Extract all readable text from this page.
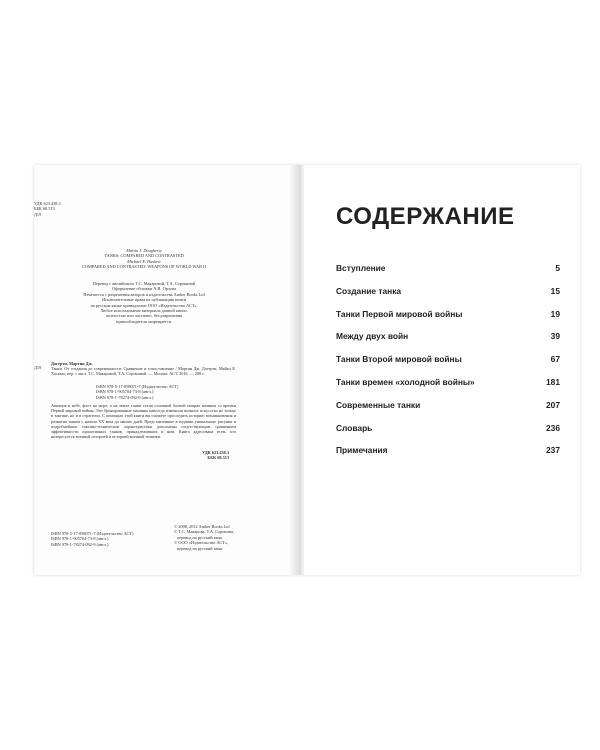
УДК 623.438.3
ББК 68.513
Д19
Martin J. Dougherty
TANKS: COMPARED AND CONTRASTED
Michael E. Haskew
COMPARED AND CONTRASTED: WEAPONS OF WORLD WAR II
Перевод с английского Т.С. Макаровой, Т.А. Сорокиной
Оформление обложки А.И. Орлова
Печатается с разрешения авторов и издательства Amber Books Ltd
Исключительные права на публикацию книги
на русском языке принадлежат ООО «Издательство АСТ».
Любое использование материала данной книги,
полностью или частично, без разрешения
правообладателя запрещается.
Догерти, Мартин Дж.
Д19 Танки. От создания до современности: Сравнение и сопоставление / Мартин Дж. Догерти, Майкл Е. Хаскью; пер. с англ. Т.С. Макаровой, Т.А. Сорокиной. — Москва: АСТ, 2016. — 288 с.
ISBN 978-5-17-098071-7 (Издательство АСТ)
ISBN 978-1-905704-73-8 (англ.)
ISBN 978-1-78274-092-9 (англ.)
Авиация в небе, флот на море, а на земле танки стали основной боевой мощью начиная со времен Первой мировой войны. Эти бронированные машины навсегда изменили военное искусство не только в тактике, но и в стратегии. С помощью этой книги вы сможете проследить историю возникновения и развития танков с начала XX века до наших дней. Представленные в издании уникальные рисунки и подробнейшие тактико-технические характеристики дополнены сопутствующим сравнением эффективности одинотипных танков, принадлежавших к ним. Книга адресована всем, кто интересуется военной историей и историей военной техники.
УДК 623.438.3
ББК 68.513
ISBN 978-5-17-098071-7 (Издательство АСТ)
ISBN 978-1-905704-73-8 (англ.)
ISBN 978-1-78274-092-9 (англ.)
© 2008, 2012 Amber Books Ltd
© Т.С. Макарова, Т.А. Сорокина,
перевод на русский язык
© ООО «Издательство АСТ»,
перевод на русский язык
СОДЕРЖАНИЕ
Вступление	5
Создание танка	15
Танки Первой мировой войны	19
Между двух войн	39
Танки Второй мировой войны	67
Танки времен «холодной войны»	181
Современные танки	207
Словарь	236
Примечания	237
